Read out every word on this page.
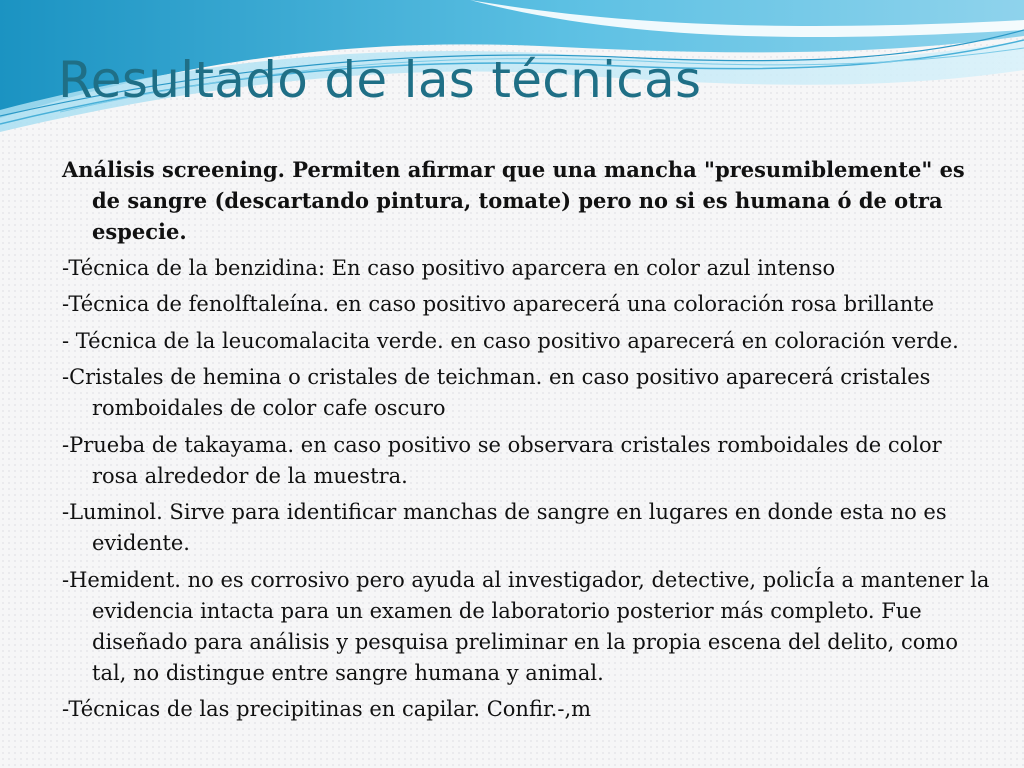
Resultado de las técnicas

Análisis screening. Permiten afirmar que una mancha "presumiblemente" es de sangre (descartando pintura, tomate) pero no si es humana ó de otra especie.

-Técnica de la benzidina: En caso positivo aparcera en color azul intenso

-Técnica de fenolftaleína. en caso positivo aparecerá una coloración rosa brillante

- Técnica de la leucomalacita verde. en caso positivo aparecerá en coloración verde.

-Cristales de hemina o cristales de teichman. en caso positivo aparecerá cristales romboidales de color cafe oscuro

-Prueba de takayama. en caso positivo se observara cristales romboidales de color rosa alrededor de la muestra.

-Luminol. Sirve para identificar manchas de sangre en lugares en donde esta no es evidente.

-Hemident. no es corrosivo pero ayuda al investigador, detective, policÍa a mantener la evidencia intacta para un examen de laboratorio posterior más completo. Fue diseñado para análisis y pesquisa preliminar en la propia escena del delito, como tal, no distingue entre sangre humana y animal.

-Técnicas de las precipitinas en capilar. Confir.-,m
